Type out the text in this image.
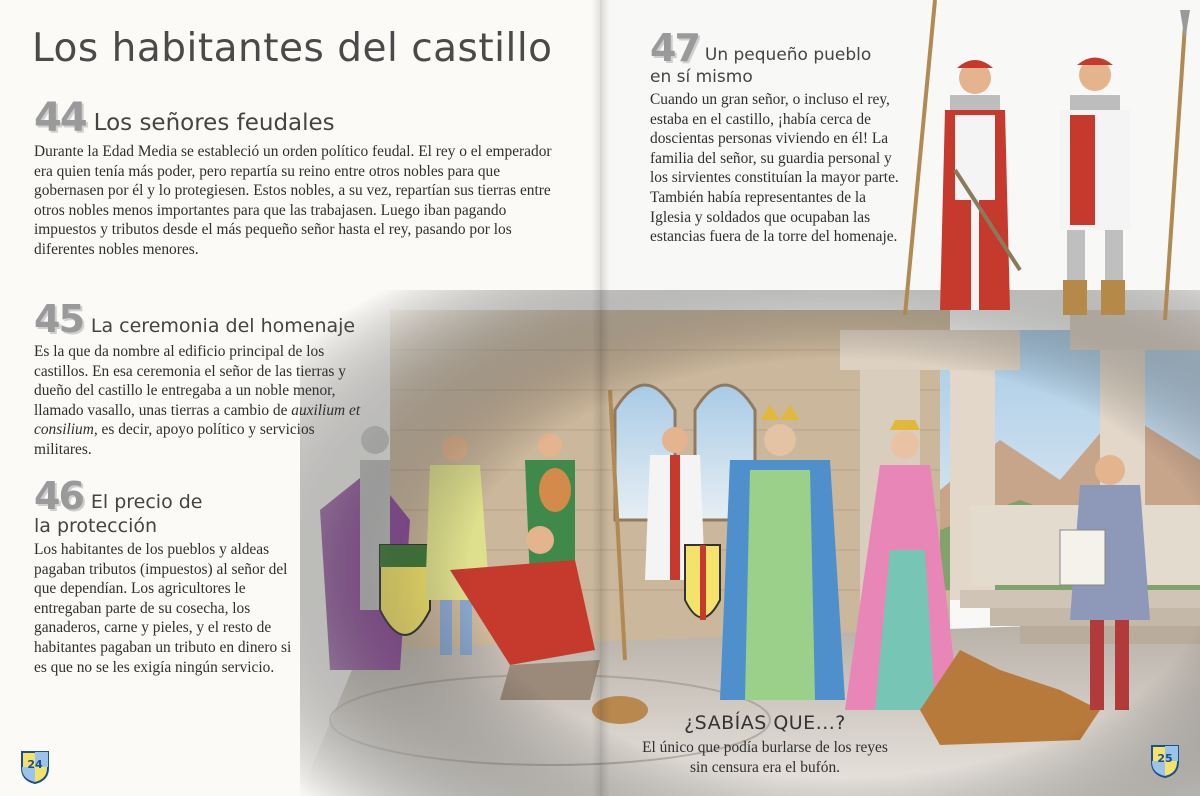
Los habitantes del castillo
44 Los señores feudales

Durante la Edad Media se estableció un orden político feudal. El rey o el emperador era quien tenía más poder, pero repartía su reino entre otros nobles para que gobernasen por él y lo protegiesen. Estos nobles, a su vez, repartían sus tierras entre otros nobles menos importantes para que las trabajasen. Luego iban pagando impuestos y tributos desde el más pequeño señor hasta el rey, pasando por los diferentes nobles menores.

45 La ceremonia del homenaje

Es la que da nombre al edificio principal de los castillos. En esa ceremonia el señor de las tierras y dueño del castillo le entregaba a un noble menor, llamado vasallo, unas tierras a cambio de auxilium et consilium, es decir, apoyo político y servicios militares.

46 El precio de
la protección

Los habitantes de los pueblos y aldeas pagaban tributos (impuestos) al señor del que dependían. Los agricultores le entregaban parte de su cosecha, los ganaderos, carne y pieles, y el resto de habitantes pagaban un tributo en dinero si es que no se les exigía ningún servicio.

47 Un pequeño pueblo
en sí mismo

Cuando un gran señor, o incluso el rey, estaba en el castillo, ¡había cerca de doscientas personas viviendo en él! La familia del señor, su guardia personal y los sirvientes constituían la mayor parte. También había representantes de la Iglesia y soldados que ocupaban las estancias fuera de la torre del homenaje.

¿SABÍAS QUE...?
El único que podía burlarse de los reyes sin censura era el bufón.
24	25
